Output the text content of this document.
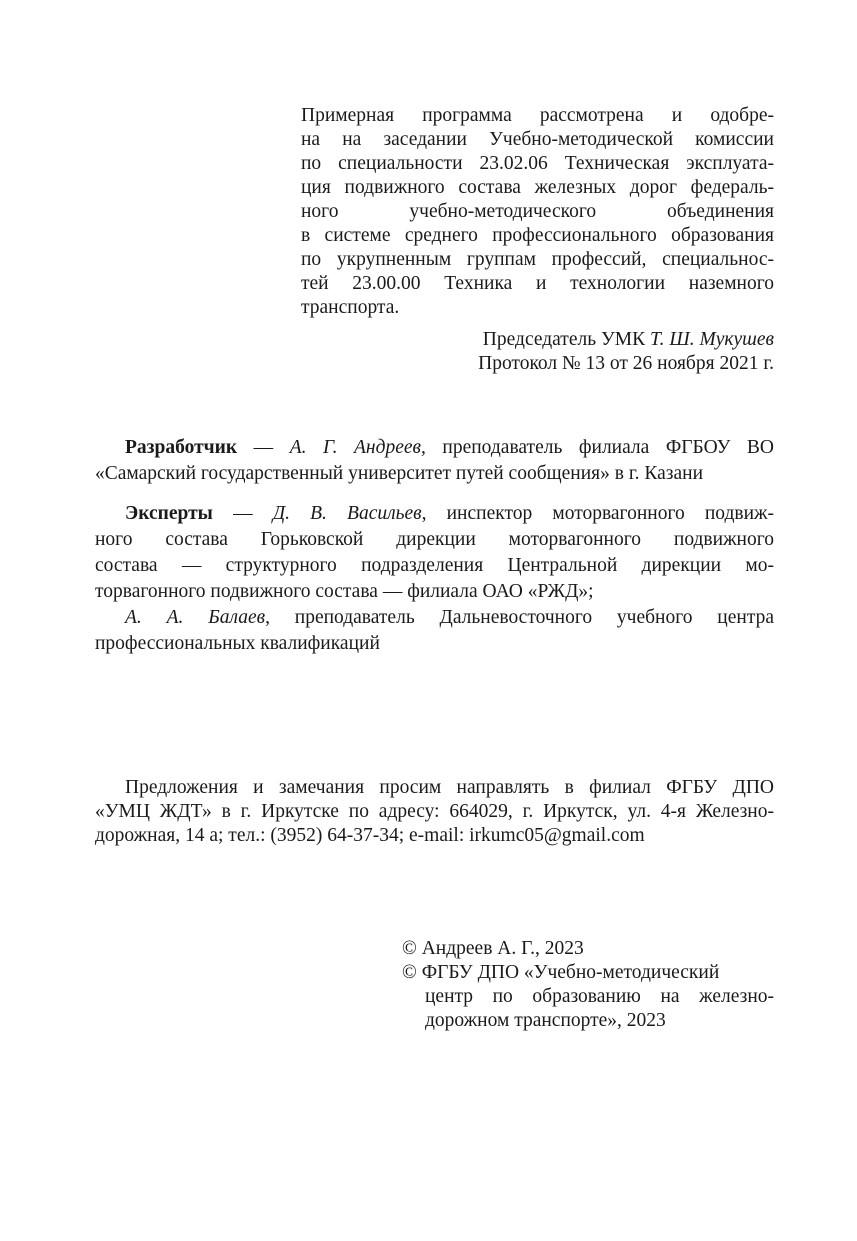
Примерная программа рассмотрена и одобре-
на на заседании Учебно-методической комиссии
по специальности 23.02.06 Техническая эксплуата-
ция подвижного состава железных дорог федераль-
ного учебно-методического объединения
в системе среднего профессионального образования
по укрупненным группам профессий, специальнос-
тей 23.00.00 Техника и технологии наземного
транспорта.
Председатель УМК Т. Ш. Мукушев
Протокол № 13 от 26 ноября 2021 г.
Разработчик — А. Г. Андреев, преподаватель филиала ФГБОУ ВО
«Самарский государственный университет путей сообщения» в г. Казани
Эксперты — Д. В. Васильев, инспектор моторвагонного подвиж-
ного состава Горьковской дирекции моторвагонного подвижного
состава — структурного подразделения Центральной дирекции мо-
торвагонного подвижного состава — филиала ОАО «РЖД»;
А. А. Балаев, преподаватель Дальневосточного учебного центра
профессиональных квалификаций
Предложения и замечания просим направлять в филиал ФГБУ ДПО
«УМЦ ЖДТ» в г. Иркутске по адресу: 664029, г. Иркутск, ул. 4-я Железно-
дорожная, 14 а; тел.: (3952) 64-37-34; e-mail: irkumc05@gmail.com
© Андреев А. Г., 2023
© ФГБУ ДПО «Учебно-методический
центр по образованию на железно-
дорожном транспорте», 2023
